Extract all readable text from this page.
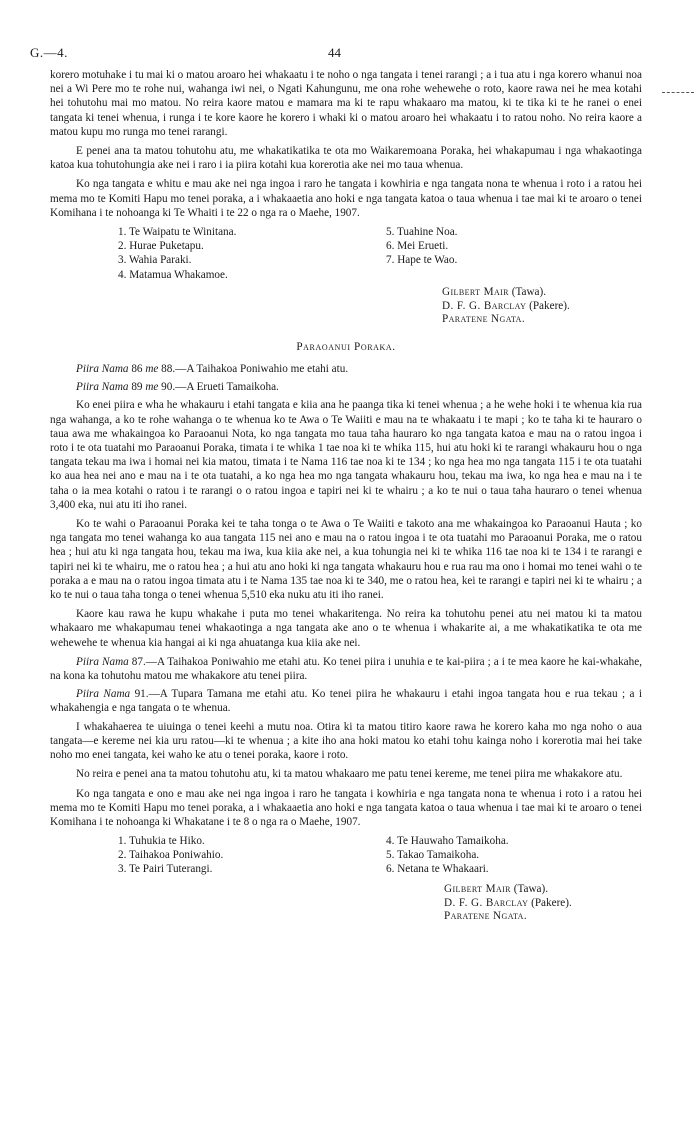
G.—4.	44

korero motuhake i tu mai ki o matou aroaro hei whakaatu i te noho o nga tangata i tenei rarangi ; a i tua atu i nga korero whanui noa nei a Wi Pere mo te rohe nui, wahanga iwi nei, o Ngati Kahungunu, me ona rohe wehewehe o roto, kaore rawa nei he mea kotahi hei tohutohu mai mo matou. No reira kaore matou e mamara ma ki te rapu whakaaro ma matou, ki te tika ki te he ranei o enei tangata ki tenei whenua, i runga i te kore kaore he korero i whaki ki o matou aroaro hei whakaatu i to ratou noho. No reira kaore a matou kupu mo runga mo tenei rarangi.

E penei ana ta matou tohutohu atu, me whakatikatika te ota mo Waikaremoana Poraka, hei whakapumau i nga whakaotinga katoa kua tohutohungia ake nei i raro i ia piira kotahi kua korerotia ake nei mo taua whenua.

Ko nga tangata e whitu e mau ake nei nga ingoa i raro he tangata i kowhiria e nga tangata nona te whenua i roto i a ratou hei mema mo te Komiti Hapu mo tenei poraka, a i whakaaetia ano hoki e nga tangata katoa o taua whenua i tae mai ki te aroaro o tenei Komihana i te nohoanga ki Te Whaiti i te 22 o nga ra o Maehe, 1907.

1. Te Waipatu te Winitana.
2. Hurae Puketapu.
3. Wahia Paraki.
4. Matamua Whakamoe.
5. Tuahine Noa.
6. Mei Erueti.
7. Hape te Wao.
Gilbert Mair (Tawa).
D. F. G. Barclay (Pakere).
Paratene Ngata.
Paraoanui Poraka.

Piira Nama 86 me 88.—A Taihakoa Poniwahio me etahi atu.

Piira Nama 89 me 90.—A Erueti Tamaikoha.

Ko enei piira e wha he whakauru i etahi tangata e kiia ana he paanga tika ki tenei whenua ; a he wehe hoki i te whenua kia rua nga wahanga, a ko te rohe wahanga o te whenua ko te Awa o Te Waiiti e mau na te whakaatu i te mapi ; ko te taha ki te hauraro o taua awa me whakaingoa ko Paraoanui Nota, ko nga tangata mo taua taha hauraro ko nga tangata katoa e mau na o ratou ingoa i roto i te ota tuatahi mo Paraoanui Poraka, timata i te whika 1 tae noa ki te whika 115, hui atu hoki ki te rarangi whakauru hou o nga tangata tekau ma iwa i homai nei kia matou, timata i te Nama 116 tae noa ki te 134 ; ko nga hea mo nga tangata 115 i te ota tuatahi ko aua hea nei ano e mau na i te ota tuatahi, a ko nga hea mo nga tangata whakauru hou, tekau ma iwa, ko nga hea e mau na i te taha o ia mea kotahi o ratou i te rarangi o o ratou ingoa e tapiri nei ki te whairu ; a ko te nui o taua taha hauraro o tenei whenua 3,400 eka, nui atu iti iho ranei.

Ko te wahi o Paraoanui Poraka kei te taha tonga o te Awa o Te Waiiti e takoto ana me whakaingoa ko Paraoanui Hauta ; ko nga tangata mo tenei wahanga ko aua tangata 115 nei ano e mau na o ratou ingoa i te ota tuatahi mo Paraoanui Poraka, me o ratou hea ; hui atu ki nga tangata hou, tekau ma iwa, kua kiia ake nei, a kua tohungia nei ki te whika 116 tae noa ki te 134 i te rarangi e tapiri nei ki te whairu, me o ratou hea ; a hui atu ano hoki ki nga tangata whakauru hou e rua rau ma ono i homai mo tenei wahi o te poraka a e mau na o ratou ingoa timata atu i te Nama 135 tae noa ki te 340, me o ratou hea, kei te rarangi e tapiri nei ki te whairu ; a ko te nui o taua taha tonga o tenei whenua 5,510 eka nuku atu iti iho ranei.

Kaore kau rawa he kupu whakahe i puta mo tenei whakaritenga. No reira ka tohutohu penei atu nei matou ki ta matou whakaaro me whakapumau tenei whakaotinga a nga tangata ake ano o te whenua i whakarite ai, a me whakatikatika te ota me wehewehe te whenua kia hangai ai ki nga ahuatanga kua kiia ake nei.

Piira Nama 87.—A Taihakoa Poniwahio me etahi atu. Ko tenei piira i unuhia e te kai-piira ; a i te mea kaore he kai-whakahe, na kona ka tohutohu matou me whakakore atu tenei piira.

Piira Nama 91.—A Tupara Tamana me etahi atu. Ko tenei piira he whakauru i etahi ingoa tangata hou e rua tekau ; a i whakahengia e nga tangata o te whenua.

I whakahaerea te uiuinga o tenei keehi a mutu noa. Otira ki ta matou titiro kaore rawa he korero kaha mo nga noho o aua tangata—e kereme nei kia uru ratou—ki te whenua ; a kite iho ana hoki matou ko etahi tohu kainga noho i korerotia mai hei take noho mo enei tangata, kei waho ke atu o tenei poraka, kaore i roto.

No reira e penei ana ta matou tohutohu atu, ki ta matou whakaaro me patu tenei kereme, me tenei piira me whakakore atu.

Ko nga tangata e ono e mau ake nei nga ingoa i raro he tangata i kowhiria e nga tangata nona te whenua i roto i a ratou hei mema mo te Komiti Hapu mo tenei poraka, a i whakaaetia ano hoki e nga tangata katoa o taua whenua i tae mai ki te aroaro o tenei Komihana i te nohoanga ki Whakatane i te 8 o nga ra o Maehe, 1907.

1. Tuhukia te Hiko.
2. Taihakoa Poniwahio.
3. Te Pairi Tuterangi.
4. Te Hauwaho Tamaikoha.
5. Takao Tamaikoha.
6. Netana te Whakaari.
Gilbert Mair (Tawa).
D. F. G. Barclay (Pakere).
Paratene Ngata.
